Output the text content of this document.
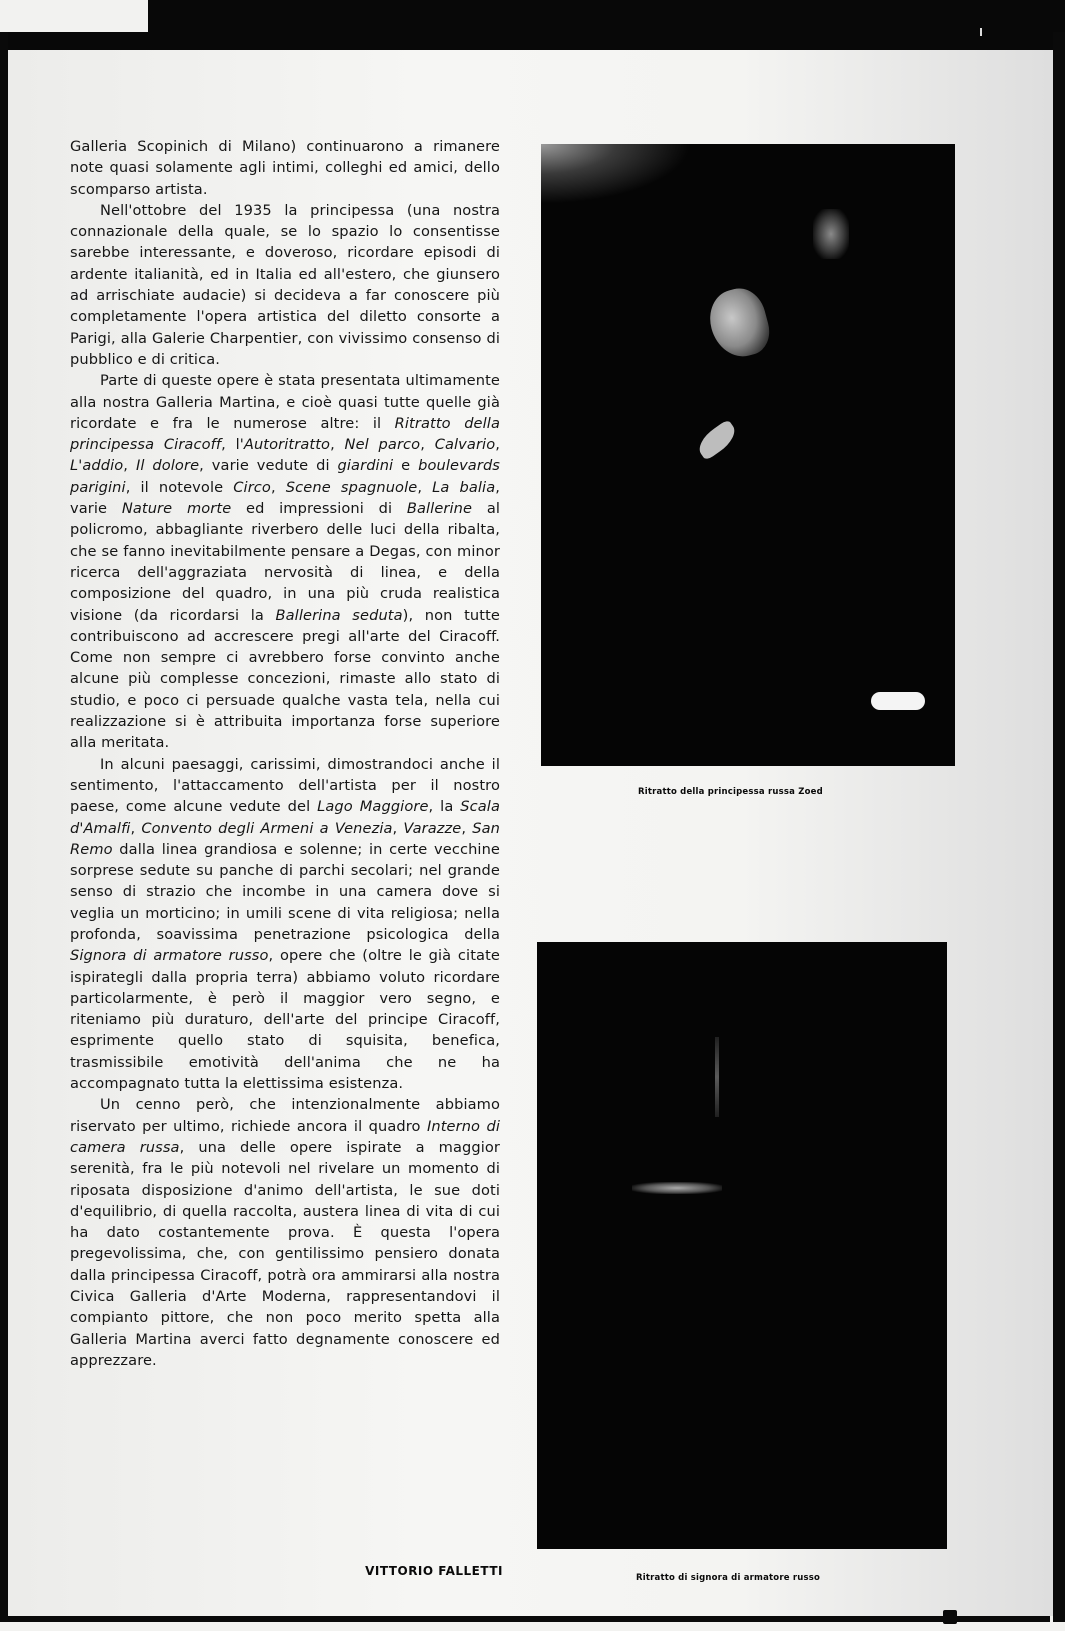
Galleria Scopinich di Milano) continuarono a rimanere note quasi solamente agli intimi, colleghi ed amici, dello scomparso artista.

Nell'ottobre del 1935 la principessa (una nostra connazionale della quale, se lo spazio lo consentisse sarebbe interessante, e doveroso, ricordare episodi di ardente italianità, ed in Italia ed all'estero, che giunsero ad arrischiate audacie) si decideva a far conoscere più completamente l'opera artistica del diletto consorte a Parigi, alla Galerie Charpentier, con vivissimo consenso di pubblico e di critica.

Parte di queste opere è stata presentata ultimamente alla nostra Galleria Martina, e cioè quasi tutte quelle già ricordate e fra le numerose altre: il Ritratto della principessa Ciracoff, l'Autoritratto, Nel parco, Calvario, L'addio, Il dolore, varie vedute di giardini e boulevards parigini, il notevole Circo, Scene spagnuole, La balia, varie Nature morte ed impressioni di Ballerine al policromo, abbagliante riverbero delle luci della ribalta, che se fanno inevitabilmente pensare a Degas, con minor ricerca dell'aggraziata nervosità di linea, e della composizione del quadro, in una più cruda realistica visione (da ricordarsi la Ballerina seduta), non tutte contribuiscono ad accrescere pregi all'arte del Ciracoff. Come non sempre ci avrebbero forse convinto anche alcune più complesse concezioni, rimaste allo stato di studio, e poco ci persuade qualche vasta tela, nella cui realizzazione si è attribuita importanza forse superiore alla meritata.

In alcuni paesaggi, carissimi, dimostrandoci anche il sentimento, l'attaccamento dell'artista per il nostro paese, come alcune vedute del Lago Maggiore, la Scala d'Amalfi, Convento degli Armeni a Venezia, Varazze, San Remo dalla linea grandiosa e solenne; in certe vecchine sorprese sedute su panche di parchi secolari; nel grande senso di strazio che incombe in una camera dove si veglia un morticino; in umili scene di vita religiosa; nella profonda, soavissima penetrazione psicologica della Signora di armatore russo, opere che (oltre le già citate ispirategli dalla propria terra) abbiamo voluto ricordare particolarmente, è però il maggior vero segno, e riteniamo più duraturo, dell'arte del principe Ciracoff, esprimente quello stato di squisita, benefica, trasmissibile emotività dell'anima che ne ha accompagnato tutta la elettissima esistenza.

Un cenno però, che intenzionalmente abbiamo riservato per ultimo, richiede ancora il quadro Interno di camera russa, una delle opere ispirate a maggior serenità, fra le più notevoli nel rivelare un momento di riposata disposizione d'animo dell'artista, le sue doti d'equilibrio, di quella raccolta, austera linea di vita di cui ha dato costantemente prova. È questa l'opera pregevolissima, che, con gentilissimo pensiero donata dalla principessa Ciracoff, potrà ora ammirarsi alla nostra Civica Galleria d'Arte Moderna, rappresentandovi il compianto pittore, che non poco merito spetta alla Galleria Martina averci fatto degnamente conoscere ed apprezzare.

VITTORIO FALLETTI
Ritratto della principessa russa Zoed
Ritratto di signora di armatore russo
